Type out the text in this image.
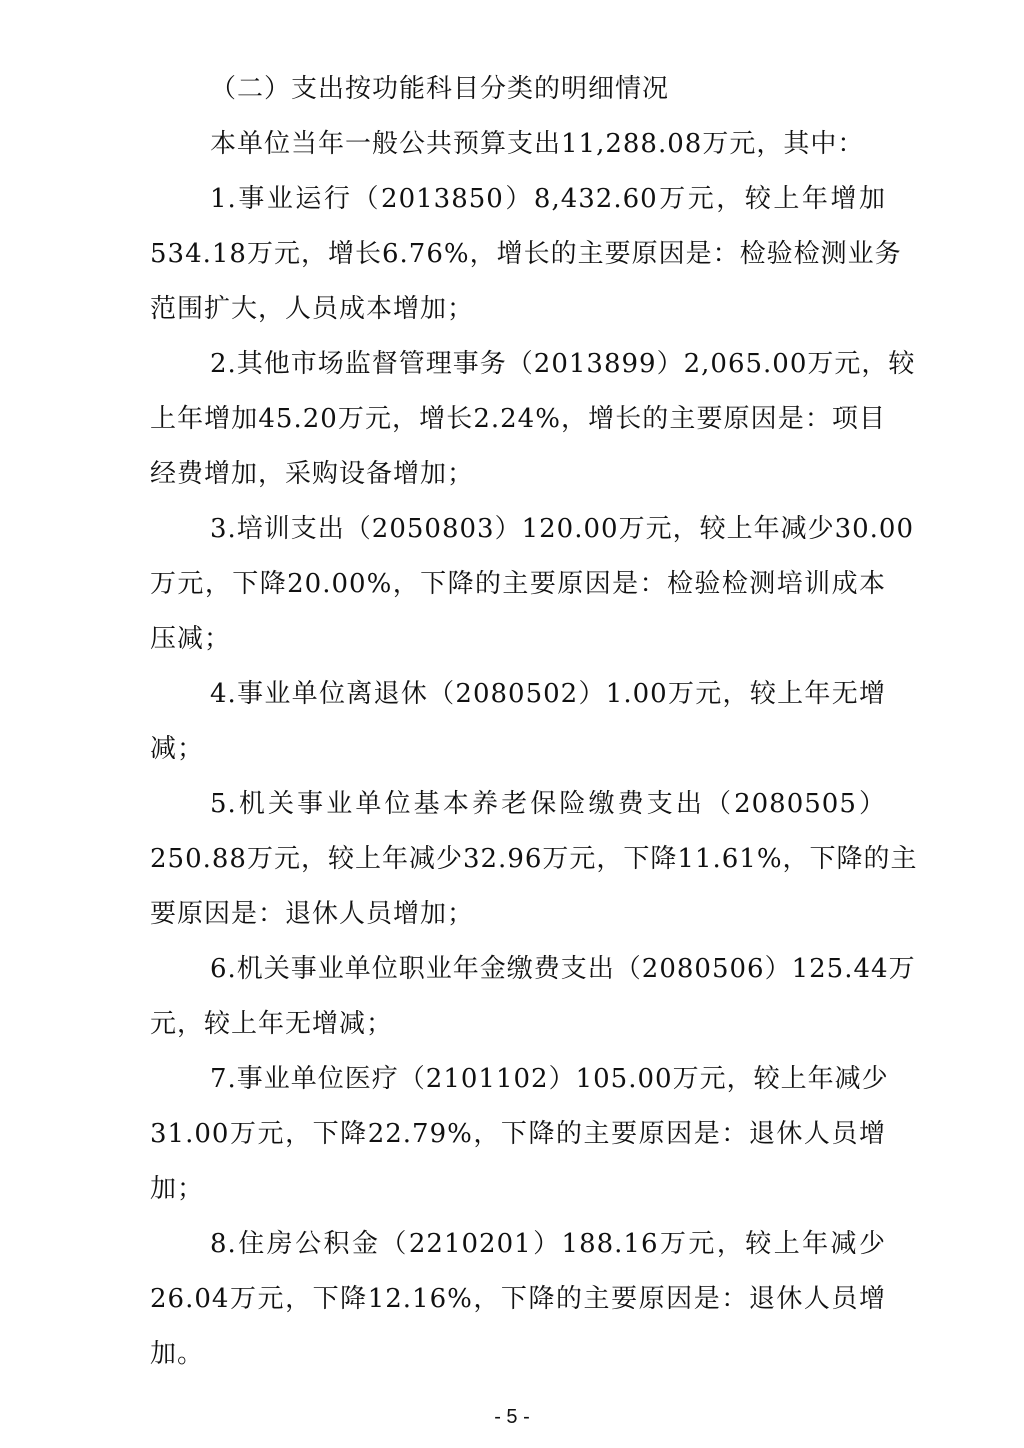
（二）支出按功能科目分类的明细情况
本单位当年一般公共预算支出11,288.08万元，其中：
1.事业运行（2013850）8,432.60万元，较上年增加
534.18万元，增长6.76%，增长的主要原因是：检验检测业务
范围扩大，人员成本增加；
2.其他市场监督管理事务（2013899）2,065.00万元，较
上年增加45.20万元，增长2.24%，增长的主要原因是：项目
经费增加，采购设备增加；
3.培训支出（2050803）120.00万元，较上年减少30.00
万元，下降20.00%，下降的主要原因是：检验检测培训成本
压减；
4.事业单位离退休（2080502）1.00万元，较上年无增
减；
5.机关事业单位基本养老保险缴费支出（2080505）
250.88万元，较上年减少32.96万元，下降11.61%，下降的主
要原因是：退休人员增加；
6.机关事业单位职业年金缴费支出（2080506）125.44万
元，较上年无增减；
7.事业单位医疗（2101102）105.00万元，较上年减少
31.00万元，下降22.79%，下降的主要原因是：退休人员增
加；
8.住房公积金（2210201）188.16万元，较上年减少
26.04万元，下降12.16%，下降的主要原因是：退休人员增
加。
- 5 -
